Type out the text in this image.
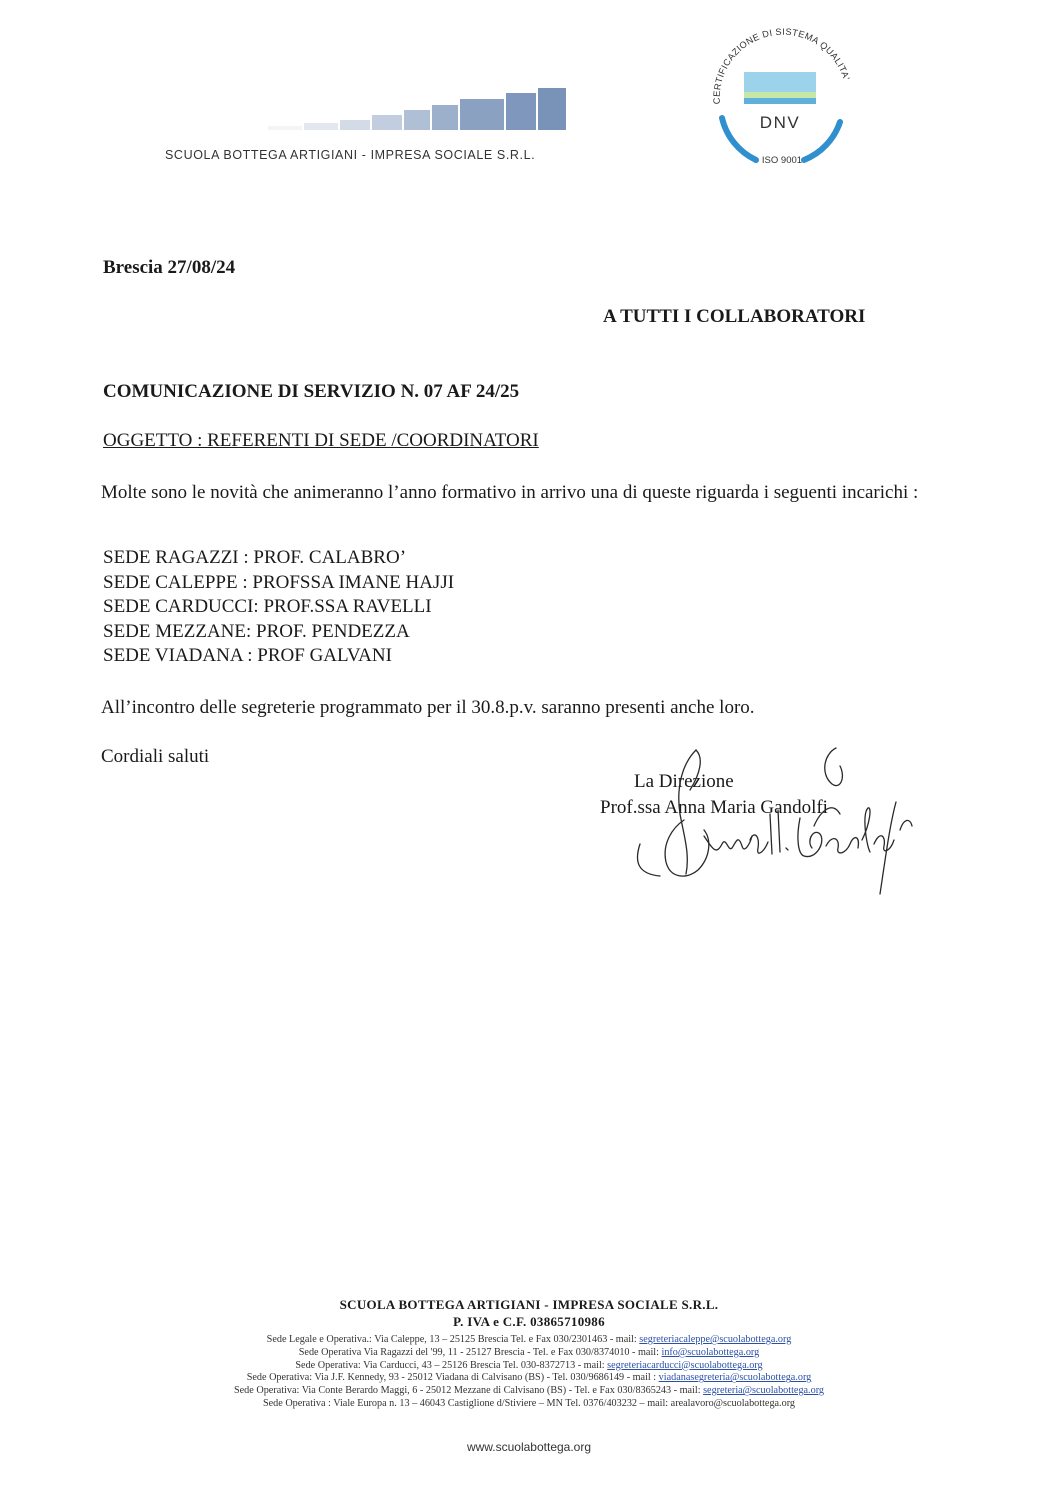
SCUOLA BOTTEGA ARTIGIANI - IMPRESA SOCIALE S.R.L.
CERTIFICAZIONE DI SISTEMA QUALITA'
DNV
ISO 9001
Brescia 27/08/24
A TUTTI I COLLABORATORI
COMUNICAZIONE DI SERVIZIO N. 07 AF 24/25
OGGETTO : REFERENTI DI SEDE /COORDINATORI
Molte sono le novità che animeranno l’anno formativo in arrivo una di queste riguarda i seguenti incarichi :
SEDE RAGAZZI : PROF. CALABRO’
SEDE CALEPPE : PROFSSA IMANE HAJJI
SEDE CARDUCCI: PROF.SSA RAVELLI
SEDE MEZZANE: PROF. PENDEZZA
SEDE VIADANA : PROF GALVANI
All’incontro delle segreterie programmato per il 30.8.p.v. saranno presenti anche loro.
Cordiali saluti
La Direzione
Prof.ssa Anna Maria Gandolfi
SCUOLA BOTTEGA ARTIGIANI - IMPRESA SOCIALE S.R.L.
P. IVA e C.F. 03865710986
Sede Legale e Operativa.: Via Caleppe, 13 – 25125 Brescia Tel. e Fax 030/2301463 - mail: segreteriacaleppe@scuolabottega.org
Sede Operativa Via Ragazzi del '99, 11 - 25127 Brescia - Tel. e Fax 030/8374010 - mail: info@scuolabottega.org
Sede Operativa: Via Carducci, 43 – 25126 Brescia Tel. 030-8372713 - mail: segreteriacarducci@scuolabottega.org
Sede Operativa: Via J.F. Kennedy, 93 - 25012 Viadana di Calvisano (BS) - Tel. 030/9686149 - mail : viadanasegreteria@scuolabottega.org
Sede Operativa: Via Conte Berardo Maggi, 6 - 25012 Mezzane di Calvisano (BS) - Tel. e Fax 030/8365243 - mail: segreteria@scuolabottega.org
Sede Operativa : Viale Europa n. 13 – 46043 Castiglione d/Stiviere – MN Tel. 0376/403232 – mail: arealavoro@scuolabottega.org
www.scuolabottega.org
